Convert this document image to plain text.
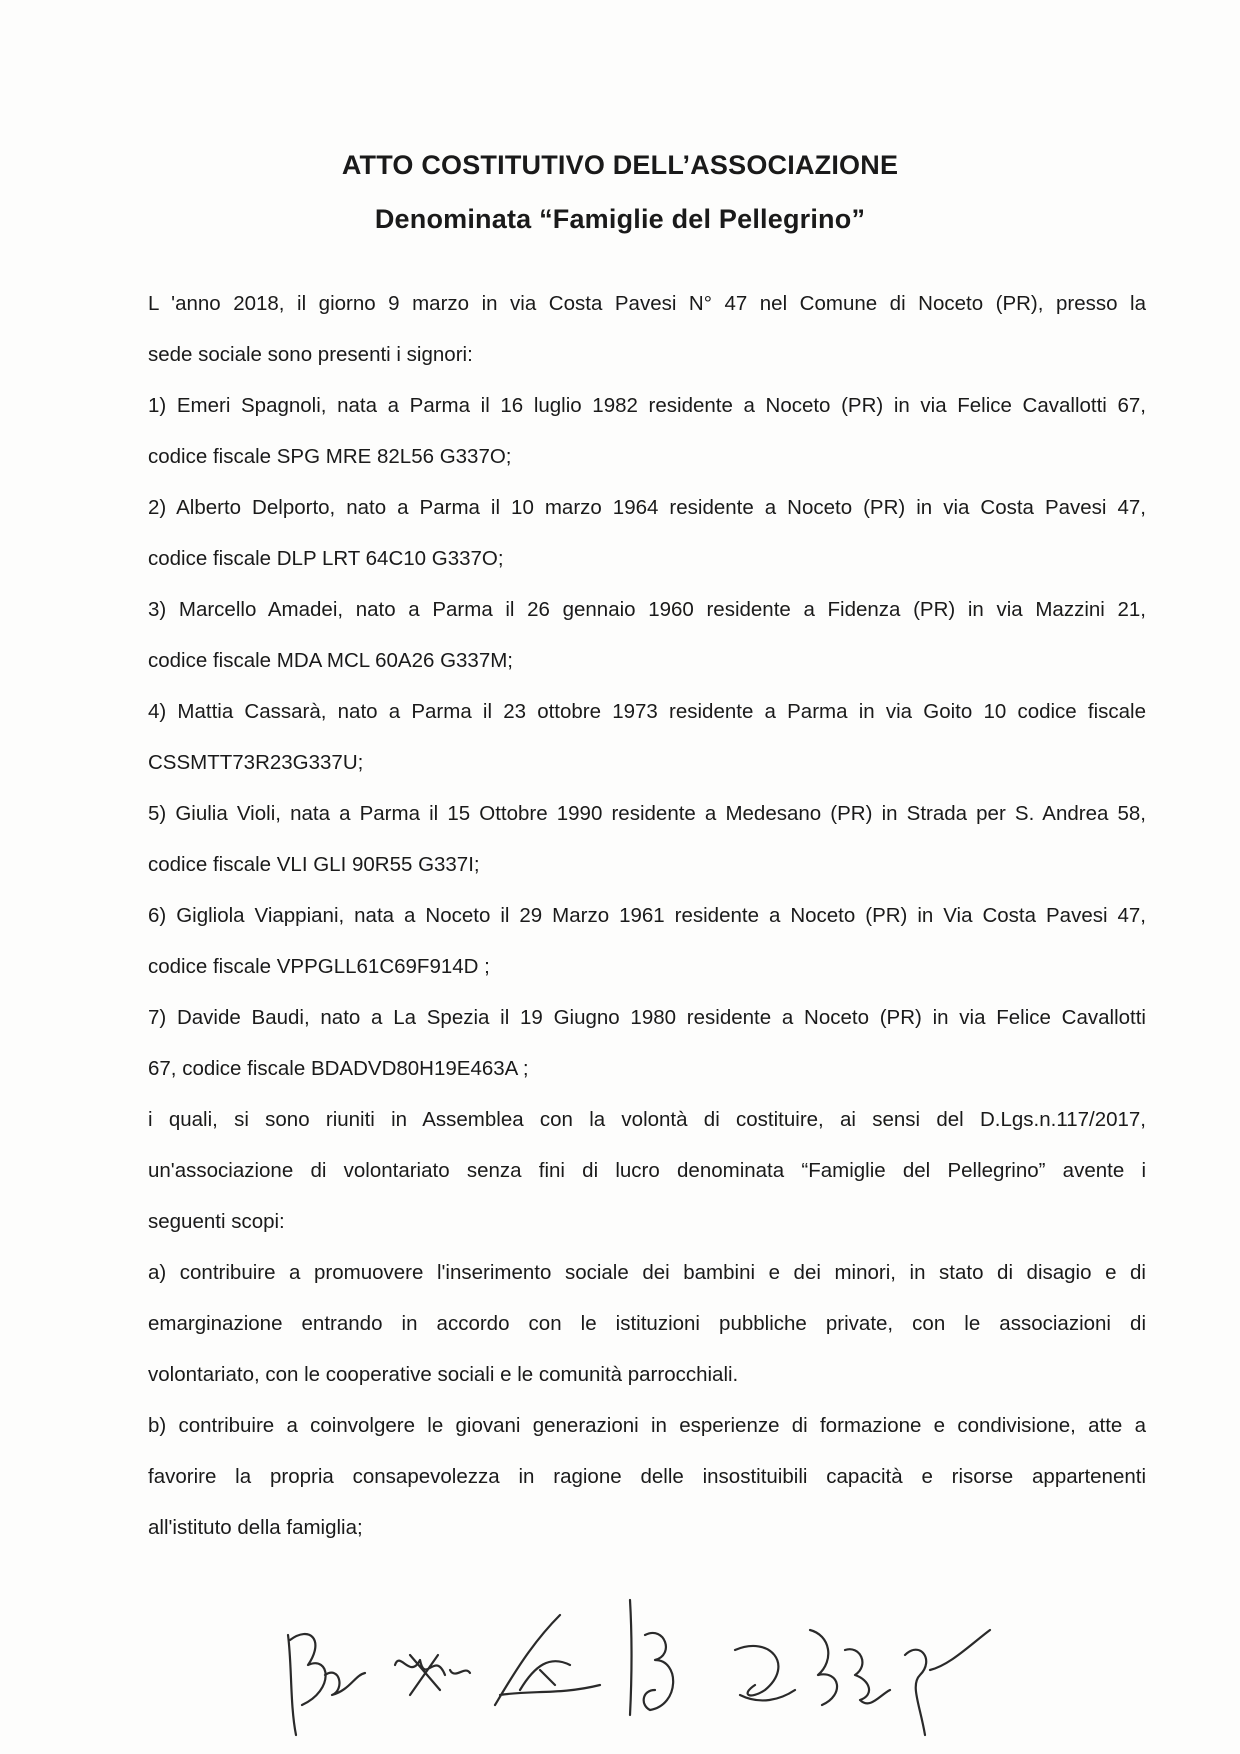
ATTO COSTITUTIVO DELL’ASSOCIAZIONE
Denominata “Famiglie del Pellegrino”
L 'anno 2018, il giorno 9 marzo in via Costa Pavesi N° 47 nel Comune di Noceto (PR), presso la
sede sociale sono presenti i signori:
1) Emeri Spagnoli, nata a Parma il 16 luglio 1982 residente a Noceto (PR) in via Felice Cavallotti 67,
codice fiscale SPG MRE 82L56 G337O;
2) Alberto Delporto, nato a Parma il 10 marzo 1964 residente a Noceto (PR) in via Costa Pavesi 47,
codice fiscale DLP LRT 64C10 G337O;
3) Marcello Amadei, nato a Parma il 26 gennaio 1960 residente a Fidenza (PR) in via Mazzini 21,
codice fiscale MDA MCL 60A26 G337M;
4) Mattia Cassarà, nato a Parma il 23 ottobre 1973 residente a Parma in via Goito 10 codice fiscale
CSSMTT73R23G337U;
5) Giulia Violi, nata a Parma il 15 Ottobre 1990 residente a Medesano (PR) in Strada per S. Andrea 58,
codice fiscale VLI GLI 90R55 G337I;
6) Gigliola Viappiani, nata a Noceto il 29 Marzo 1961 residente a Noceto (PR) in Via Costa Pavesi 47,
codice fiscale VPPGLL61C69F914D ;
7) Davide Baudi, nato a La Spezia il 19 Giugno 1980 residente a Noceto (PR) in via Felice Cavallotti
67, codice fiscale BDADVD80H19E463A ;
i quali, si sono riuniti in Assemblea con la volontà di costituire, ai sensi del D.Lgs.n.117/2017,
un'associazione di volontariato senza fini di lucro denominata “Famiglie del Pellegrino” avente i
seguenti scopi:
a) contribuire a promuovere l'inserimento sociale dei bambini e dei minori, in stato di disagio e di
emarginazione entrando in accordo con le istituzioni pubbliche private, con le associazioni di
volontariato, con le cooperative sociali e le comunità parrocchiali.
b) contribuire a coinvolgere le giovani generazioni in esperienze di formazione e condivisione, atte a
favorire la propria consapevolezza in ragione delle insostituibili capacità e risorse appartenenti
all'istituto della famiglia;
